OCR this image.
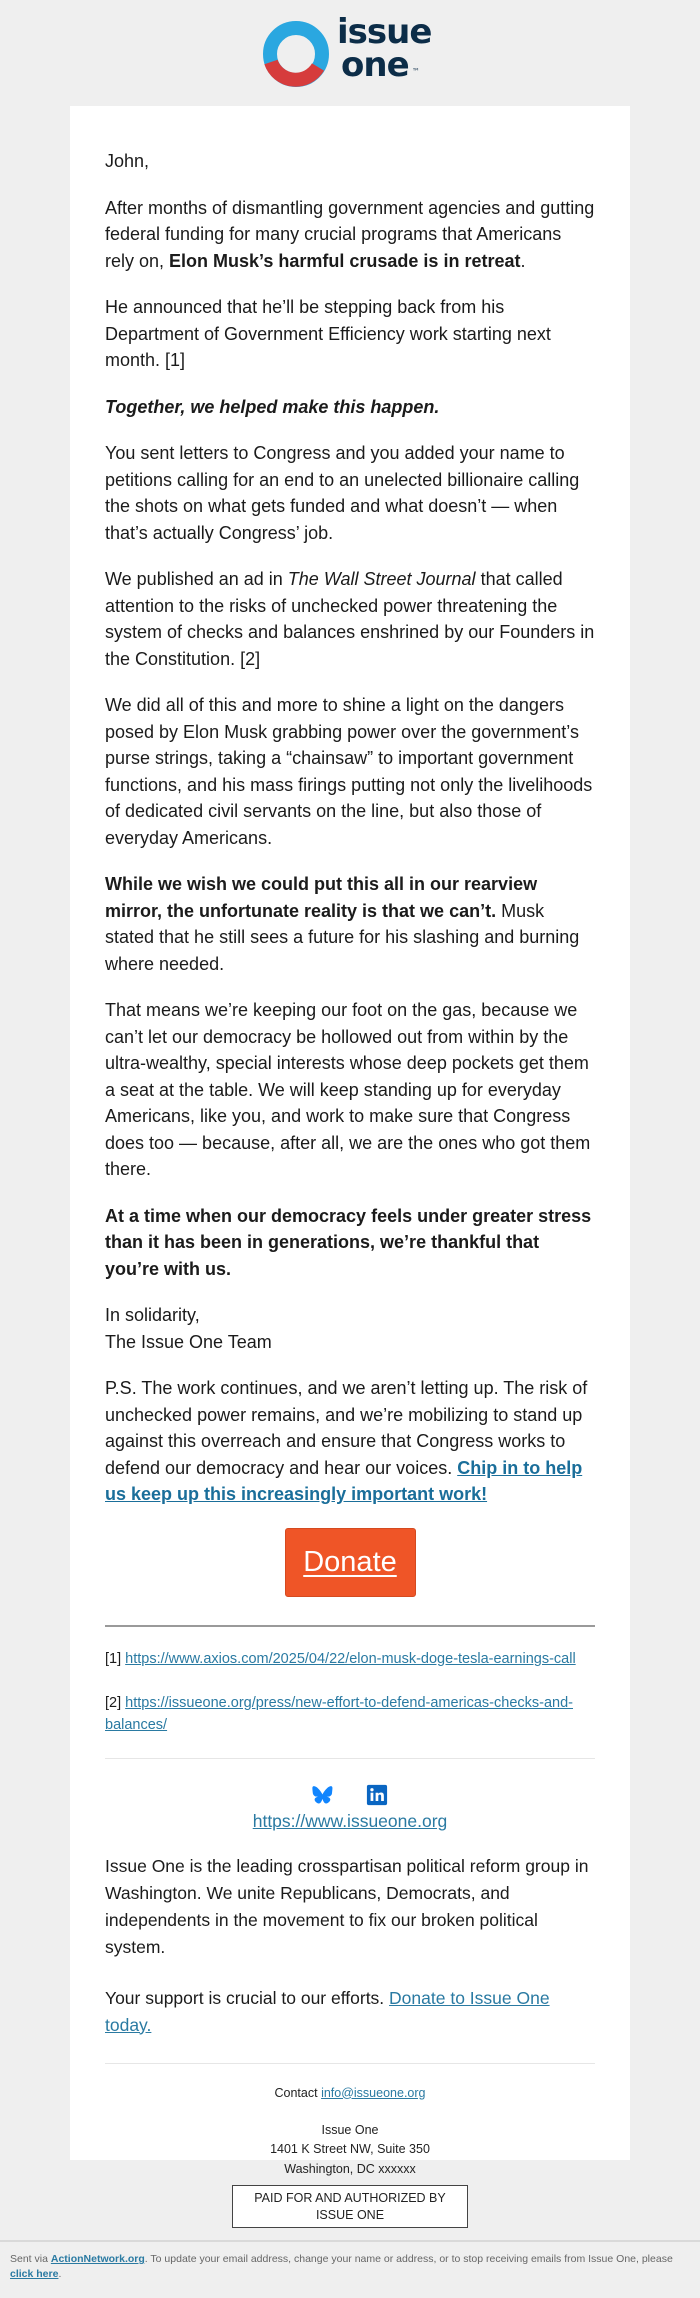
issue
one ™

John,

After months of dismantling government agencies and gutting federal funding for many crucial programs that Americans rely on, Elon Musk’s harmful crusade is in retreat.

He announced that he’ll be stepping back from his Department of Government Efficiency work starting next month. [1]

Together, we helped make this happen.

You sent letters to Congress and you added your name to petitions calling for an end to an unelected billionaire calling the shots on what gets funded and what doesn’t — when that’s actually Congress’ job.

We published an ad in The Wall Street Journal that called attention to the risks of unchecked power threatening the system of checks and balances enshrined by our Founders in the Constitution. [2]

We did all of this and more to shine a light on the dangers posed by Elon Musk grabbing power over the government’s purse strings, taking a “chainsaw” to important government functions, and his mass firings putting not only the livelihoods of dedicated civil servants on the line, but also those of everyday Americans.

While we wish we could put this all in our rearview mirror, the unfortunate reality is that we can’t. Musk stated that he still sees a future for his slashing and burning where needed.

That means we’re keeping our foot on the gas, because we can’t let our democracy be hollowed out from within by the ultra-wealthy, special interests whose deep pockets get them a seat at the table. We will keep standing up for everyday Americans, like you, and work to make sure that Congress does too — because, after all, we are the ones who got them there.

At a time when our democracy feels under greater stress than it has been in generations, we’re thankful that you’re with us.

In solidarity,
The Issue One Team

P.S. The work continues, and we aren’t letting up. The risk of unchecked power remains, and we’re mobilizing to stand up against this overreach and ensure that Congress works to defend our democracy and hear our voices. Chip in to help us keep up this increasingly important work!

Donate

[1] https://www.axios.com/2025/04/22/elon-musk-doge-tesla-earnings-call

[2] https://issueone.org/press/new-effort-to-defend-americas-checks-and-balances/

https://www.issueone.org

Issue One is the leading crosspartisan political reform group in Washington. We unite Republicans, Democrats, and independents in the movement to fix our broken political system.

Your support is crucial to our efforts. Donate to Issue One today.

Contact info@issueone.org

Issue One
1401 K Street NW, Suite 350
Washington, DC xxxxxx
PAID FOR AND AUTHORIZED BY
ISSUE ONE
Sent via ActionNetwork.org. To update your email address, change your name or address, or to stop receiving emails from Issue One, please click here.
